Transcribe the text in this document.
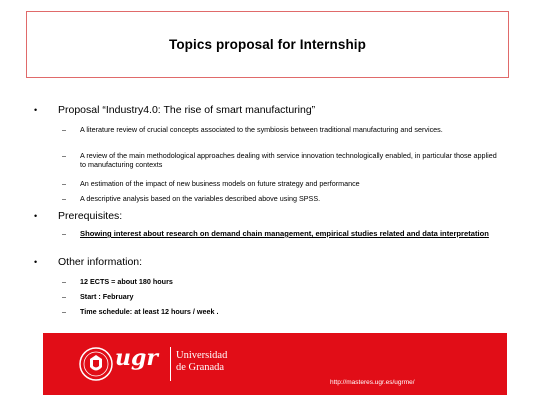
Topics proposal for Internship
•	Proposal “Industry4.0: The rise of smart manufacturing”
–	A literature review of crucial concepts associated to the symbiosis between traditional manufacturing and services.
–	A review of the main methodological approaches dealing with service innovation technologically enabled, in particular those applied to manufacturing contexts
–	An estimation of the impact of new business models on future strategy and performance
–	A descriptive analysis based on the variables described above using SPSS.
•	Prerequisites:
–	Showing interest about research on demand chain management, empirical studies related and data interpretation
•	Other information:
–	12 ECTS = about 180 hours
–	Start : February
–	Time schedule: at least 12 hours / week .
ugr Universidad
de Granada
http://masteres.ugr.es/ugrme/
